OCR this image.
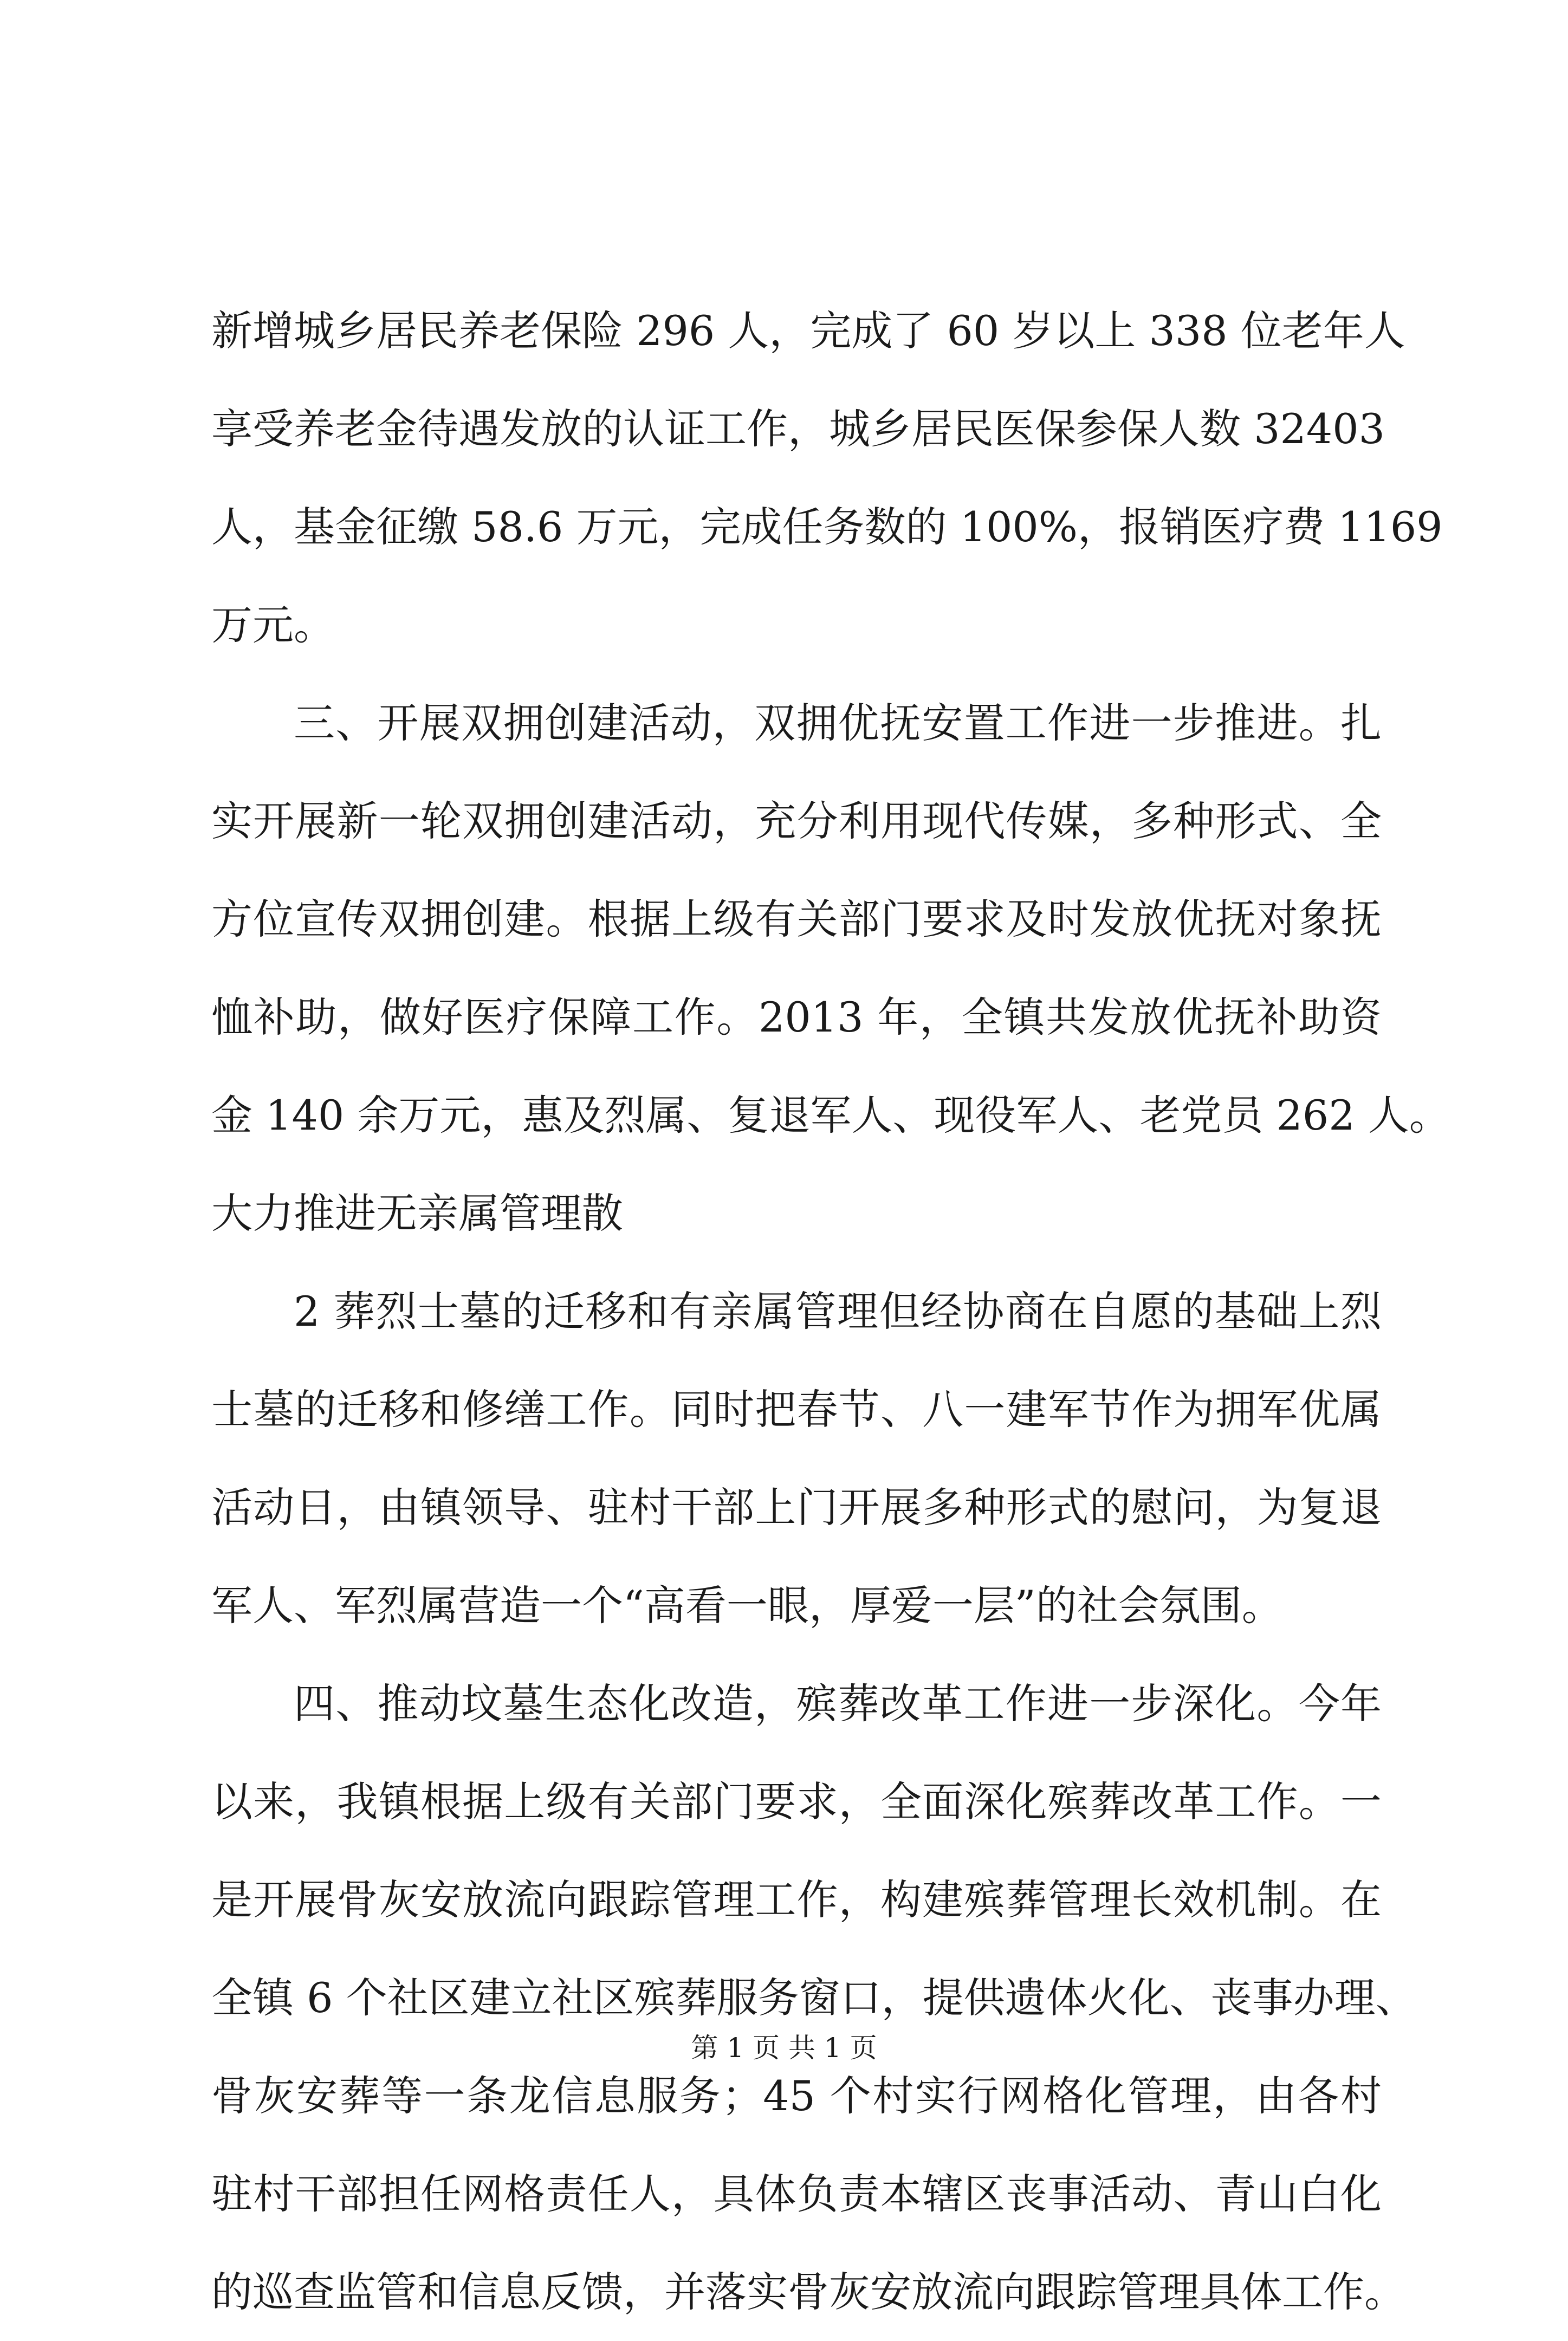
新增城乡居民养老保险 296 人，完成了 60 岁以上 338 位老年人
享受养老金待遇发放的认证工作，城乡居民医保参保人数 32403
人，基金征缴 58.6 万元，完成任务数的 100%，报销医疗费 1169
万元。
三、开展双拥创建活动，双拥优抚安置工作进一步推进。扎
实开展新一轮双拥创建活动，充分利用现代传媒，多种形式、全
方位宣传双拥创建。根据上级有关部门要求及时发放优抚对象抚
恤补助，做好医疗保障工作。2013 年，全镇共发放优抚补助资
金 140 余万元，惠及烈属、复退军人、现役军人、老党员 262 人。
大力推进无亲属管理散
2 葬烈士墓的迁移和有亲属管理但经协商在自愿的基础上烈
士墓的迁移和修缮工作。同时把春节、八一建军节作为拥军优属
活动日，由镇领导、驻村干部上门开展多种形式的慰问，为复退
军人、军烈属营造一个“高看一眼，厚爱一层”的社会氛围。
四、推动坟墓生态化改造，殡葬改革工作进一步深化。今年
以来，我镇根据上级有关部门要求，全面深化殡葬改革工作。一
是开展骨灰安放流向跟踪管理工作，构建殡葬管理长效机制。在
全镇 6 个社区建立社区殡葬服务窗口，提供遗体火化、丧事办理、
骨灰安葬等一条龙信息服务；45 个村实行网格化管理，由各村
驻村干部担任网格责任人，具体负责本辖区丧事活动、青山白化
的巡查监管和信息反馈，并落实骨灰安放流向跟踪管理具体工作。
第 1 页 共 1 页
